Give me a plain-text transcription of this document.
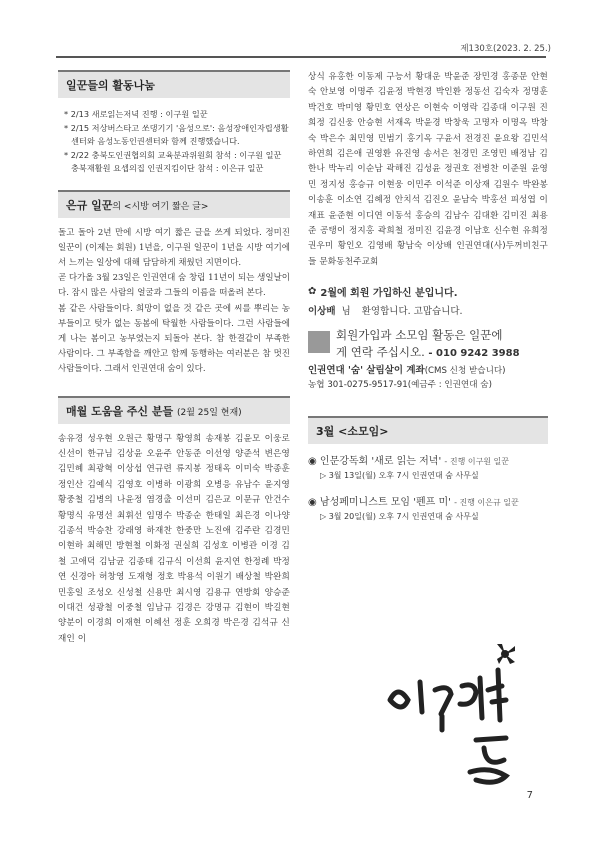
제130호(2023. 2. 25.)
일꾼들의 활동나눔
* 2/13 새로읽는저녁 진행 : 이구원 일꾼
* 2/15 저상버스타고 쏘댕기기 '음성으로': 음성장애인자립생활센터와 음성노동인권센터와 함께 진행했습니다.
* 2/22 충북도인권협의회 교육분과위원회 참석 : 이구원 일꾼
충북재활원 요셉의집 인권지킴이단 참석 : 이은규 일꾼
은규 일꾼의 <시방 여기 짧은 글>
돌고 돌아 2년 만에 시방 여기 짧은 글을 쓰게 되었다. 정미진 일꾼이 (이제는 회원) 1년을, 이구원 일꾼이 1년을 시방 여기에서 느끼는 일상에 대해 담담하게 채웠던 지면이다.
곧 다가올 3월 23일은 인권연대 숨 창립 11년이 되는 생일날이다. 잠시 많은 사람의 얼굴과 그들의 이름을 떠올려 본다.
봄 같은 사람들이다. 희망이 없을 것 같은 곳에 씨를 뿌리는 농부들이고 텃가 없는 동봄에 탁월한 사람들이다. 그런 사람들에게 나는 봄이고 농부였는지 되돌아 본다. 참 한결같이 부족한 사람이다. 그 부족함을 깨안고 함께 동행하는 여러분은 참 멋진 사람들이다. 그래서 인권연대 숨이 있다.
매월 도움을 주신 분들 (2월 25일 현재)

송유경 성우현 오원근 황명구 황영희 송재봉 김윤모 이웅로 신선이 한규님 김상윤 오윤주 안동준 이선영 양준석 변은영 김민혜 최광혁 이상섭 연규련 류지봉 정태옥 이미숙 박종훈 정인산 김예식 김영호 이병하 이광희 오병응 유남수 윤지영 황중철 김병의 나윤정 염경출 이선미 김은교 이문규 안건수 황명식 유명선 최휘선 임명수 박종순 한태일 최은경 이나양 김종석 박승찬 강래영 하재찬 한중만 노진애 김주란 김경민 이현하 최해민 방현철 이화정 권실희 김성호 이병관 이경 김철 고애덕 김남균 김종태 김규식 이선희 윤지연 한정례 박정연 신경아 허창영 도재형 정호 박용석 이원기 배상철 박완희 민홍일 조성오 신성철 신용만 최시영 김용규 연방회 양승준 이대건 성광철 이중철 임남규 김경은 강명규 김현이 박길현 양분이 이경희 이재현 이혜선 정훈 오희경 박은경 김석규 신재인 이

상식 유홍한 이동제 구능서 황대운 박윤준 장민경 홍종문 안현숙 안보영 이명주 김윤정 박현경 박인환 정동선 김숙자 정명훈 박건호 박미영 황민호 연상은 이현숙 이영락 김종대 이구원 진희정 김신웅 안승현 서재옥 박윤경 박창욱 고명자 이명옥 박창숙 박은수 최민영 민범기 홍기옥 구윤서 전경진 윤요왕 김민석 하연희 김은애 권영환 유진영 송서은 천경민 조영민 배정남 김한나 박누리 이순남 곽해진 김성윤 정권호 전병찬 이준원 윤영민 정지성 홍승규 이현웅 이민주 이석준 이상재 김원수 박완봉 이송훈 이소연 김혜정 안치석 김진오 윤남숙 박홍선 피성엽 이재표 윤준현 이디연 이동석 홍승의 김남수 김대환 김미진 최용준 공탱이 정지홍 곽희철 정미진 김윤경 이남호 신수현 유희정 권우미 황인오 김영배 황남숙 이상배 인권연대(사)두꺼비친구들 문화동천주교회

✿ 2월에 회원 가입하신 분입니다.
이상배 님 환영합니다. 고맙습니다.
회원가입과 소모임 활동은 일꾼에
게 연락 주십시오. - 010 9242 3988
인권연대 '숨' 살림살이 계좌(CMS 신청 받습니다)
농협 301-0275-9517-91(예금주 : 인권연대 숨)
3월 <소모임>
◉ 인문강독회 '새로 읽는 저녁' - 진행 이구원 일꾼
▷ 3월 13일(월) 오후 7시 인권연대 숨 사무실
◉ 남성페미니스트 모임 '펜프 미' - 진행 이은규 일꾼
▷ 3월 20일(월) 오후 7시 인권연대 숨 사무실
인권연대 숨
7
